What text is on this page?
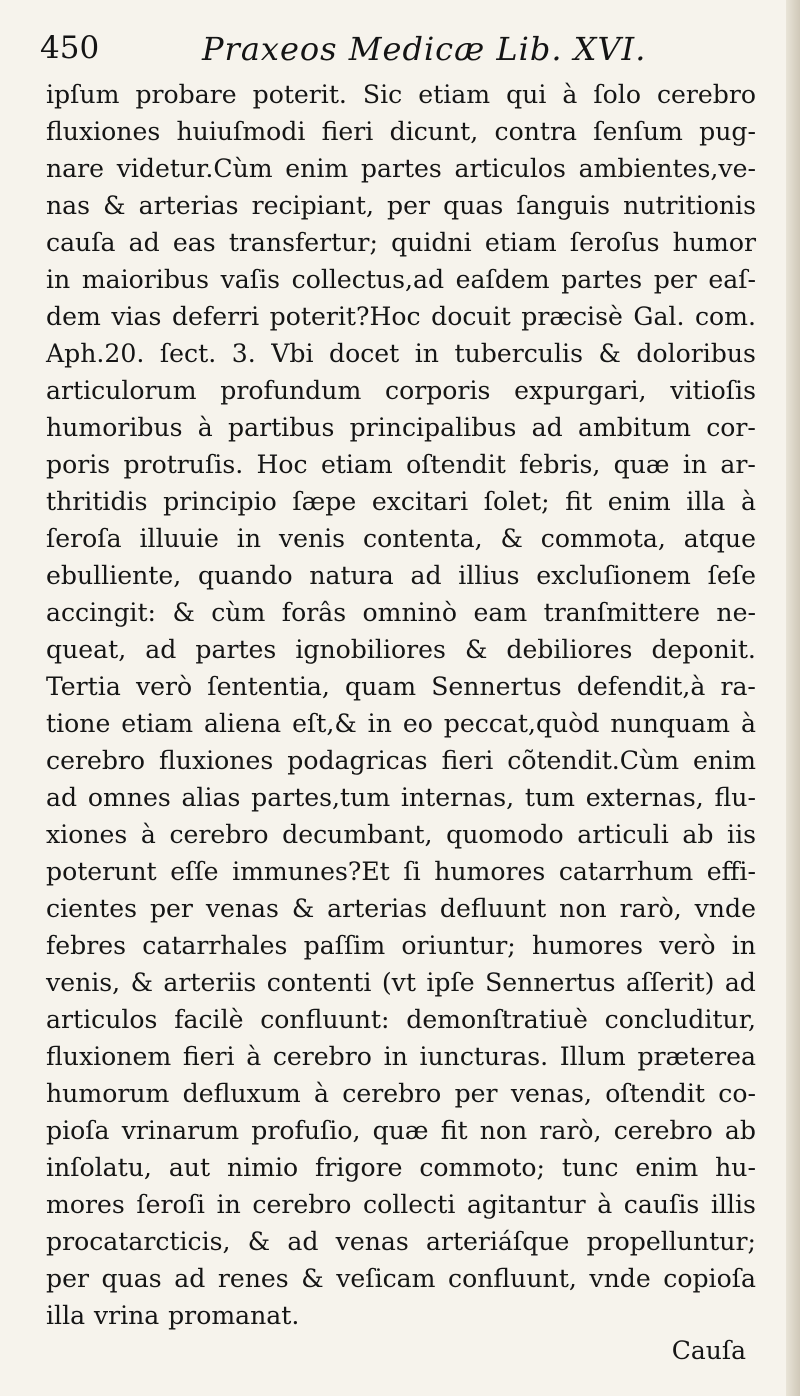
450	Praxeos Medicæ Lib. XVI.
ipſum probare poterit. Sic etiam qui à ſolo cerebro
fluxiones huiuſmodi fieri dicunt, contra ſenſum pug-
nare videtur.Cùm enim partes articulos ambientes,ve-
nas & arterias recipiant, per quas ſanguis nutritionis
cauſa ad eas transfertur; quidni etiam ſeroſus humor
in maioribus vaſis collectus,ad eaſdem partes per eaſ-
dem vias deferri poterit?Hoc docuit præcisè Gal. com.
Aph.20. ſect. 3. Vbi docet in tuberculis & doloribus
articulorum profundum corporis expurgari, vitioſis
humoribus à partibus principalibus ad ambitum cor-
poris protruſis. Hoc etiam oſtendit febris, quæ in ar-
thritidis principio ſæpe excitari ſolet; fit enim illa à
ſeroſa illuuie in venis contenta, & commota, atque
ebulliente, quando natura ad illius excluſionem ſeſe
accingit: & cùm forâs omninò eam tranſmittere ne-
queat, ad partes ignobiliores & debiliores deponit.
Tertia verò ſententia, quam Sennertus defendit,à ra-
tione etiam aliena eſt,& in eo peccat,quòd nunquam à
cerebro fluxiones podagricas fieri cõtendit.Cùm enim
ad omnes alias partes,tum internas, tum externas, flu-
xiones à cerebro decumbant, quomodo articuli ab iis
poterunt eſſe immunes?Et ſi humores catarrhum effi-
cientes per venas & arterias defluunt non rarò, vnde
febres catarrhales paſſim oriuntur; humores verò in
venis, & arteriis contenti (vt ipſe Sennertus aſſerit) ad
articulos facilè confluunt: demonſtratiuè concluditur,
fluxionem fieri à cerebro in iuncturas. Illum præterea
humorum defluxum à cerebro per venas, oſtendit co-
pioſa vrinarum profuſio, quæ fit non rarò, cerebro ab
inſolatu, aut nimio frigore commoto; tunc enim hu-
mores ſeroſi in cerebro collecti agitantur à cauſis illis
procatarcticis, & ad venas arteriáſque propelluntur;
per quas ad renes & veſicam confluunt, vnde copioſa
illa vrina promanat.
Cauſa
